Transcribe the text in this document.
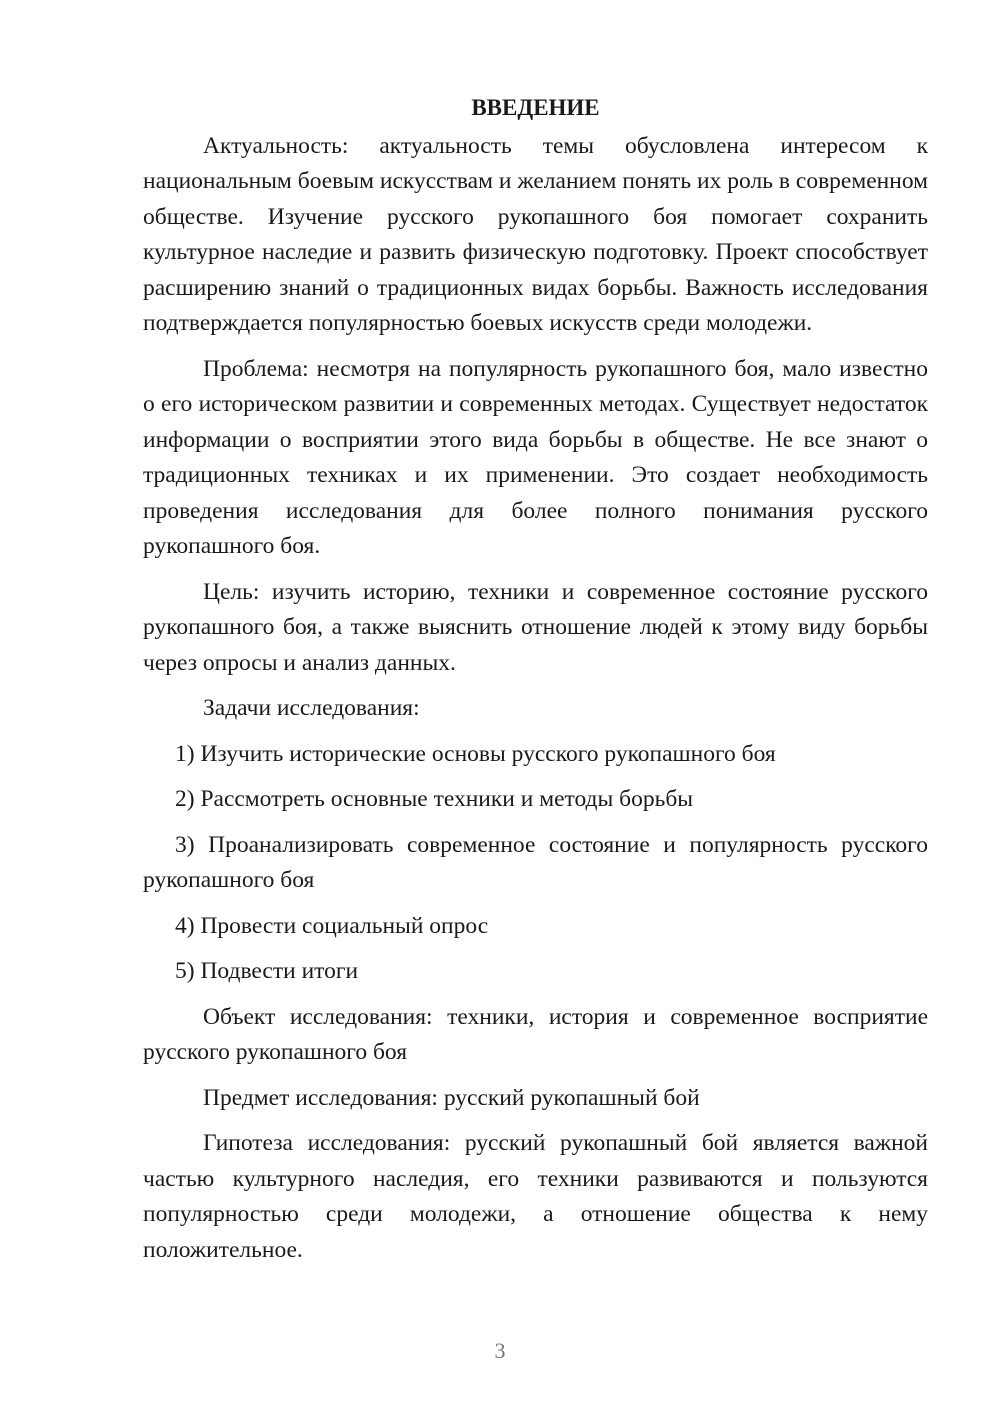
ВВЕДЕНИЕ

Актуальность: актуальность темы обусловлена интересом к национальным боевым искусствам и желанием понять их роль в современном обществе. Изучение русского рукопашного боя помогает сохранить культурное наследие и развить физическую подготовку. Проект способствует расширению знаний о традиционных видах борьбы. Важность исследования подтверждается популярностью боевых искусств среди молодежи.

Проблема: несмотря на популярность рукопашного боя, мало известно о его историческом развитии и современных методах. Существует недостаток информации о восприятии этого вида борьбы в обществе. Не все знают о традиционных техниках и их применении. Это создает необходимость проведения исследования для более полного понимания русского рукопашного боя.

Цель: изучить историю, техники и современное состояние русского рукопашного боя, а также выяснить отношение людей к этому виду борьбы через опросы и анализ данных.

Задачи исследования:

1) Изучить исторические основы русского рукопашного боя

2) Рассмотреть основные техники и методы борьбы

3) Проанализировать современное состояние и популярность русского рукопашного боя

4) Провести социальный опрос

5) Подвести итоги

Объект исследования: техники, история и современное восприятие русского рукопашного боя

Предмет исследования: русский рукопашный бой

Гипотеза исследования: русский рукопашный бой является важной частью культурного наследия, его техники развиваются и пользуются популярностью среди молодежи, а отношение общества к нему положительное.

3
